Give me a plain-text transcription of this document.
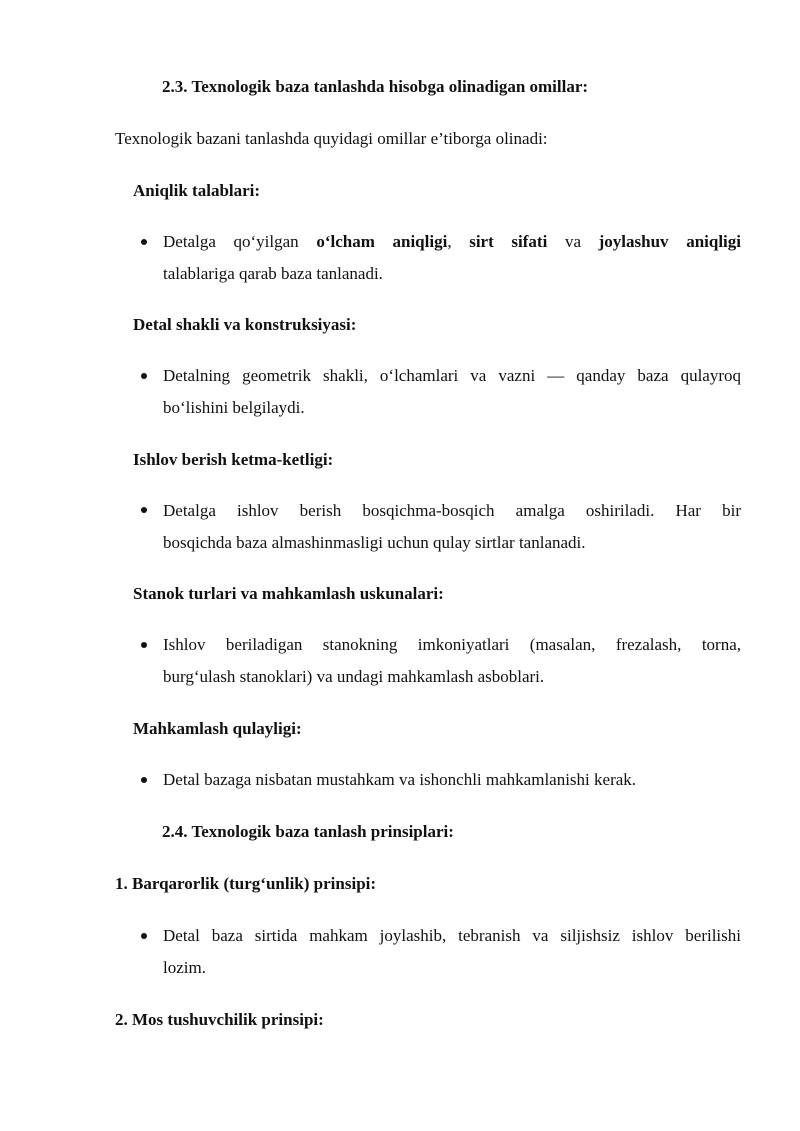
2.3. Texnologik baza tanlashda hisobga olinadigan omillar:
Texnologik bazani tanlashda quyidagi omillar e’tiborga olinadi:
Aniqlik talablari:
Detalga qo‘yilgan o‘lcham aniqligi, sirt sifati va joylashuv aniqligi
talablariga qarab baza tanlanadi.
Detal shakli va konstruksiyasi:
Detalning geometrik shakli, o‘lchamlari va vazni — qanday baza qulayroq
bo‘lishini belgilaydi.
Ishlov berish ketma-ketligi:
Detalga ishlov berish bosqichma-bosqich amalga oshiriladi. Har bir
bosqichda baza almashinmasligi uchun qulay sirtlar tanlanadi.
Stanok turlari va mahkamlash uskunalari:
Ishlov beriladigan stanokning imkoniyatlari (masalan, frezalash, torna,
burg‘ulash stanoklari) va undagi mahkamlash asboblari.
Mahkamlash qulayligi:
Detal bazaga nisbatan mustahkam va ishonchli mahkamlanishi kerak.
2.4. Texnologik baza tanlash prinsiplari:
1. Barqarorlik (turg‘unlik) prinsipi:
Detal baza sirtida mahkam joylashib, tebranish va siljishsiz ishlov berilishi
lozim.
2. Mos tushuvchilik prinsipi:
